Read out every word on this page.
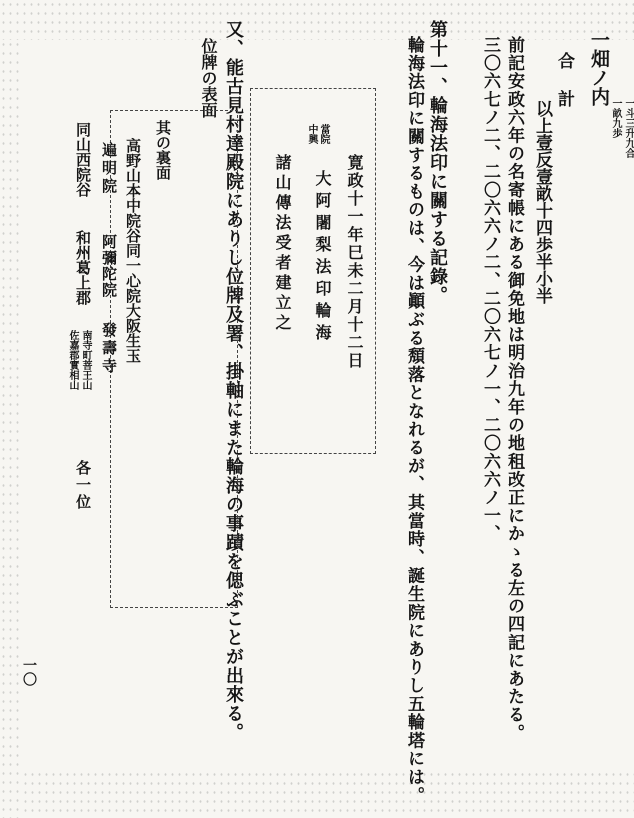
一畑ノ内
一畝九歩 一斗三升九合
合　計
以上壹反壹畝十四歩半小半
前記安政六年の名寄帳にある御免地は明治九年の地租改正にかゝる左の四記にあたる。
三〇六七ノ二、二〇六六ノ二、二〇六七ノ一、二〇六六ノ一、
第十一、輪海法印に關する記錄。
輪海法印に關するものは、今は顚ぶる頽落となれるが、其當時、誕生院にありし五輪塔には。
寛政十一年巳未二月十二日
當院
中興
大阿闍梨法印輪海
諸山傳法受者建立之
又、能古見村達殿院にありし位牌及署、掛軸にまた輪海の事蹟を偲ぶことが出來る。
位牌の表面
其の裏面
高野山本中院谷同一心院大阪生玉
遍明院
阿彌陀院
發壽寺
同山西院谷
和州葛上郡
南寺町菩王山
佐嘉郡實相山
各一位
一〇
